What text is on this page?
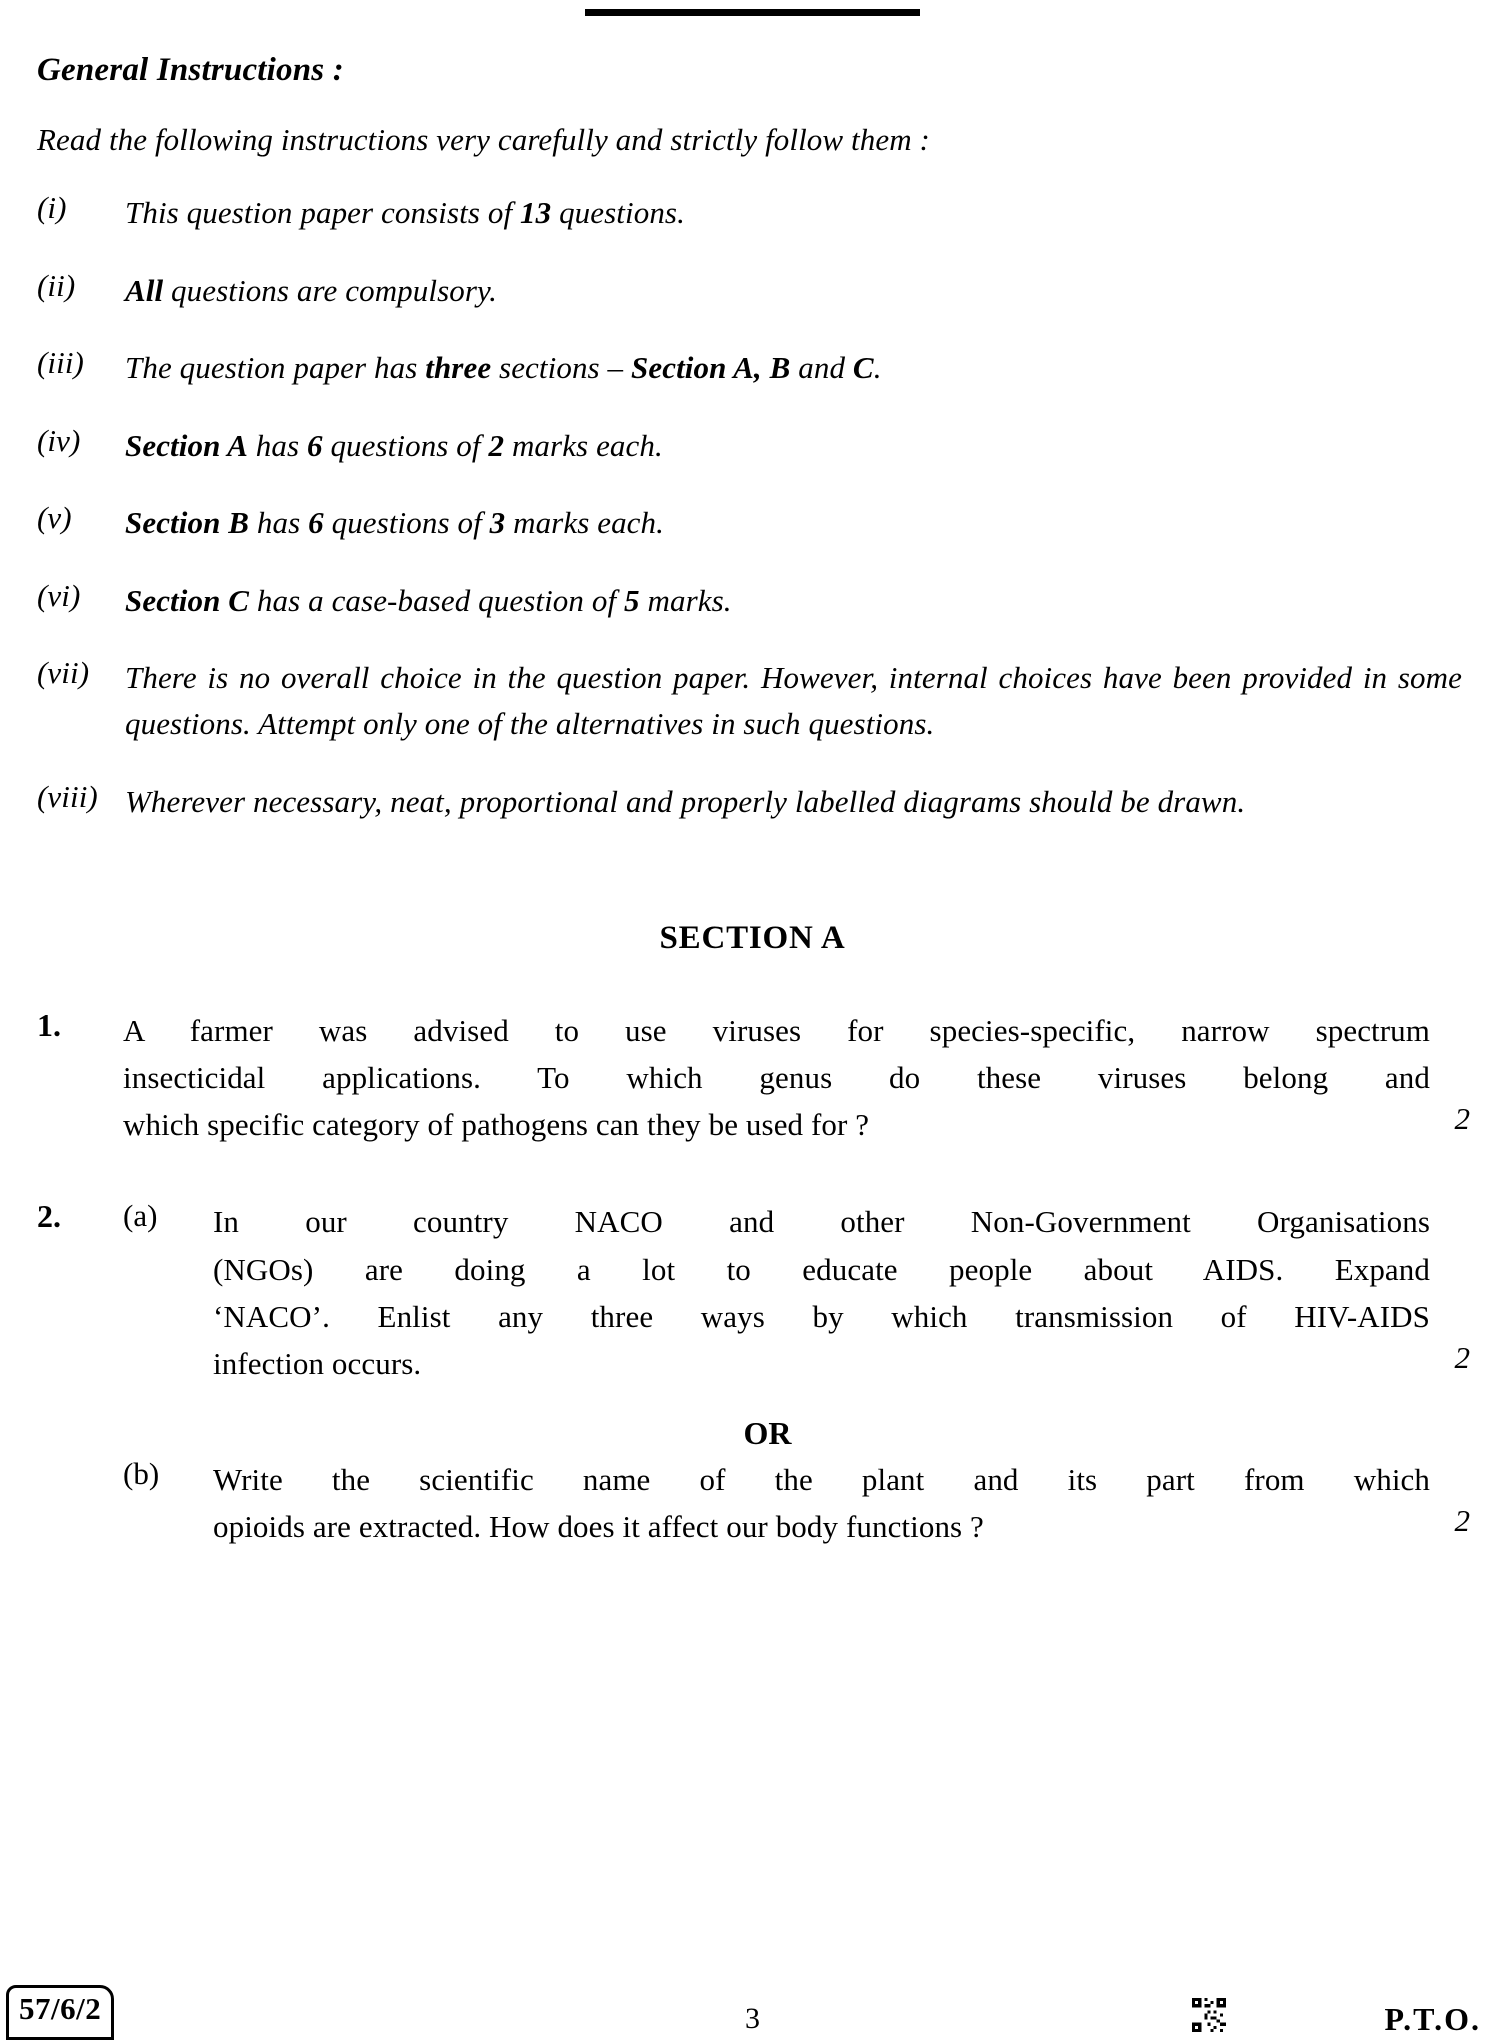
General Instructions :
Read the following instructions very carefully and strictly follow them :
(i)	This question paper consists of 13 questions.
(ii)	All questions are compulsory.
(iii)	The question paper has three sections – Section A, B and C.
(iv)	Section A has 6 questions of 2 marks each.
(v)	Section B has 6 questions of 3 marks each.
(vi)	Section C has a case-based question of 5 marks.
(vii)	There is no overall choice in the question paper. However, internal choices have been provided in some questions. Attempt only one of the alternatives in such questions.
(viii) Wherever necessary, neat, proportional and properly labelled diagrams should be drawn.
SECTION A
1.	A farmer was advised to use viruses for species-specific, narrow spectrum
insecticidal applications. To which genus do these viruses belong and
which specific category of pathogens can they be used for ?	2
2.	(a)	In our country NACO and other Non-Government Organisations
(NGOs) are doing a lot to educate people about AIDS. Expand
‘NACO’. Enlist any three ways by which transmission of HIV-AIDS
infection occurs.	2
OR
(b)	Write the scientific name of the plant and its part from which
opioids are extracted. How does it affect our body functions ?	2
57/6/2	3	P.T.O.
